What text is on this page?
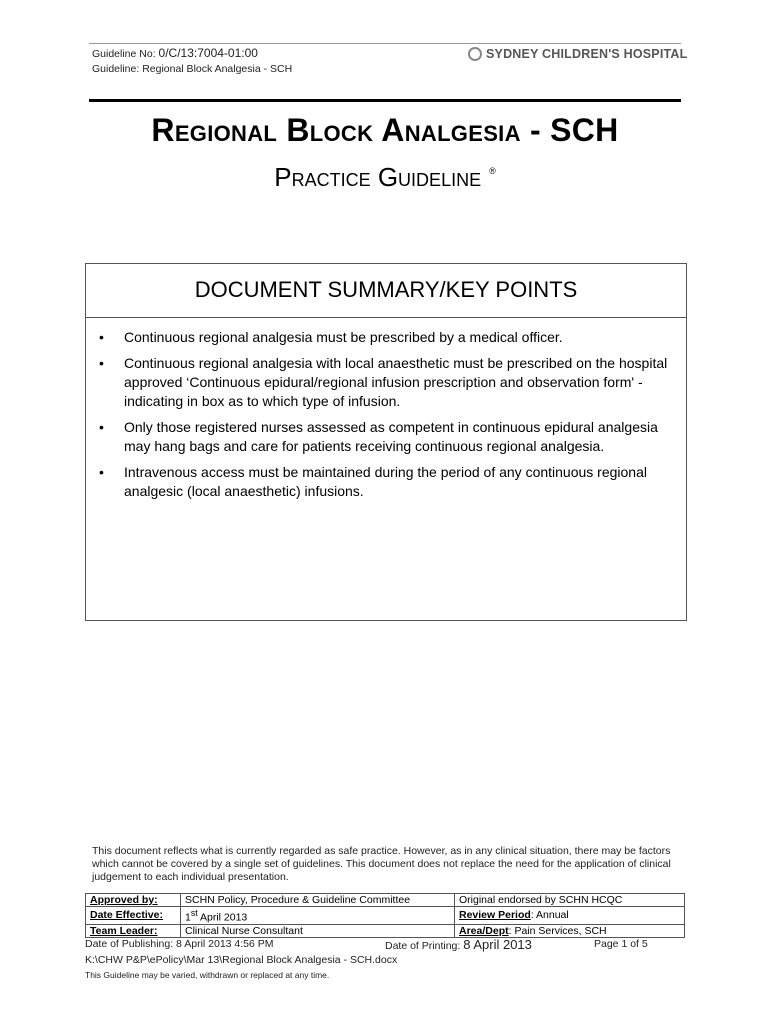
Guideline No: 0/C/13:7004-01:00
Guideline: Regional Block Analgesia - SCH
SYDNEY CHILDREN'S HOSPITAL
Regional Block Analgesia - SCH
Practice Guideline ®
DOCUMENT SUMMARY/KEY POINTS
• Continuous regional analgesia must be prescribed by a medical officer.
• Continuous regional analgesia with local anaesthetic must be prescribed on the hospital approved ‘Continuous epidural/regional infusion prescription and observation form' - indicating in box as to which type of infusion.
• Only those registered nurses assessed as competent in continuous epidural analgesia may hang bags and care for patients receiving continuous regional analgesia.
• Intravenous access must be maintained during the period of any continuous regional analgesic (local anaesthetic) infusions.
This document reflects what is currently regarded as safe practice. However, as in any clinical situation, there may be factors which cannot be covered by a single set of guidelines. This document does not replace the need for the application of clinical judgement to each individual presentation.
Approved by:	SCHN Policy, Procedure & Guideline Committee	Original endorsed by SCHN HCQC
Date Effective:	1st April 2013	Review Period: Annual
Team Leader:	Clinical Nurse Consultant	Area/Dept: Pain Services, SCH
Date of Publishing: 8 April 2013 4:56 PM	Date of Printing: 8 April 2013	Page 1 of 5
K:\CHW P&P\ePolicy\Mar 13\Regional Block Analgesia - SCH.docx
This Guideline may be varied, withdrawn or replaced at any time.
